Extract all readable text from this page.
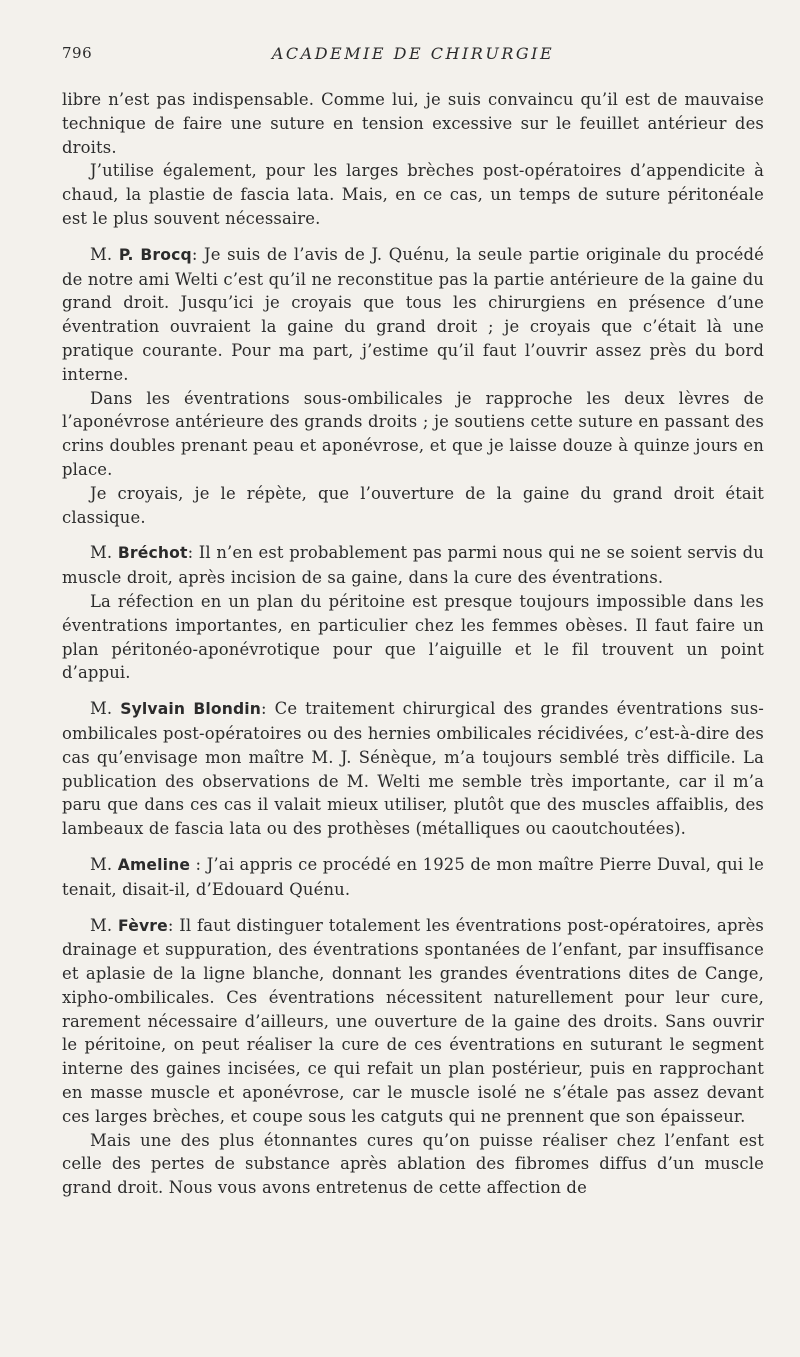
796	ACADEMIE DE CHIRURGIE

libre n’est pas indispensable. Comme lui, je suis convaincu qu’il est de mauvaise technique de faire une suture en tension excessive sur le feuillet antérieur des droits.

J’utilise également, pour les larges brèches post-opératoires d’appendicite à chaud, la plastie de fascia lata. Mais, en ce cas, un temps de suture péritonéale est le plus souvent nécessaire.

M. P. Brocq: Je suis de l’avis de J. Quénu, la seule partie originale du procédé de notre ami Welti c’est qu’il ne reconstitue pas la partie antérieure de la gaine du grand droit. Jusqu’ici je croyais que tous les chirurgiens en présence d’une éventration ouvraient la gaine du grand droit ; je croyais que c’était là une pratique courante. Pour ma part, j’estime qu’il faut l’ouvrir assez près du bord interne.

Dans les éventrations sous-ombilicales je rapproche les deux lèvres de l’aponévrose antérieure des grands droits ; je soutiens cette suture en passant des crins doubles prenant peau et aponévrose, et que je laisse douze à quinze jours en place.

Je croyais, je le répète, que l’ouverture de la gaine du grand droit était classique.

M. Bréchot: Il n’en est probablement pas parmi nous qui ne se soient servis du muscle droit, après incision de sa gaine, dans la cure des éventrations.

La réfection en un plan du péritoine est presque toujours impossible dans les éventrations importantes, en particulier chez les femmes obèses. Il faut faire un plan péritonéo-aponévrotique pour que l’aiguille et le fil trouvent un point d’appui.

M. Sylvain Blondin: Ce traitement chirurgical des grandes éventrations sus-ombilicales post-opératoires ou des hernies ombilicales récidivées, c’est-à-dire des cas qu’envisage mon maître M. J. Sénèque, m’a toujours semblé très difficile. La publication des observations de M. Welti me semble très importante, car il m’a paru que dans ces cas il valait mieux utiliser, plutôt que des muscles affaiblis, des lambeaux de fascia lata ou des prothèses (métalliques ou caoutchoutées).

M. Ameline : J’ai appris ce procédé en 1925 de mon maître Pierre Duval, qui le tenait, disait-il, d’Edouard Quénu.

M. Fèvre: Il faut distinguer totalement les éventrations post-opératoires, après drainage et suppuration, des éventrations spontanées de l’enfant, par insuffisance et aplasie de la ligne blanche, donnant les grandes éventrations dites de Cange, xipho-ombilicales. Ces éventrations nécessitent naturellement pour leur cure, rarement nécessaire d’ailleurs, une ouverture de la gaine des droits. Sans ouvrir le péritoine, on peut réaliser la cure de ces éventrations en suturant le segment interne des gaines incisées, ce qui refait un plan postérieur, puis en rapprochant en masse muscle et aponévrose, car le muscle isolé ne s’étale pas assez devant ces larges brèches, et coupe sous les catguts qui ne prennent que son épaisseur.

Mais une des plus étonnantes cures qu’on puisse réaliser chez l’enfant est celle des pertes de substance après ablation des fibromes diffus d’un muscle grand droit. Nous vous avons entretenus de cette affection de
